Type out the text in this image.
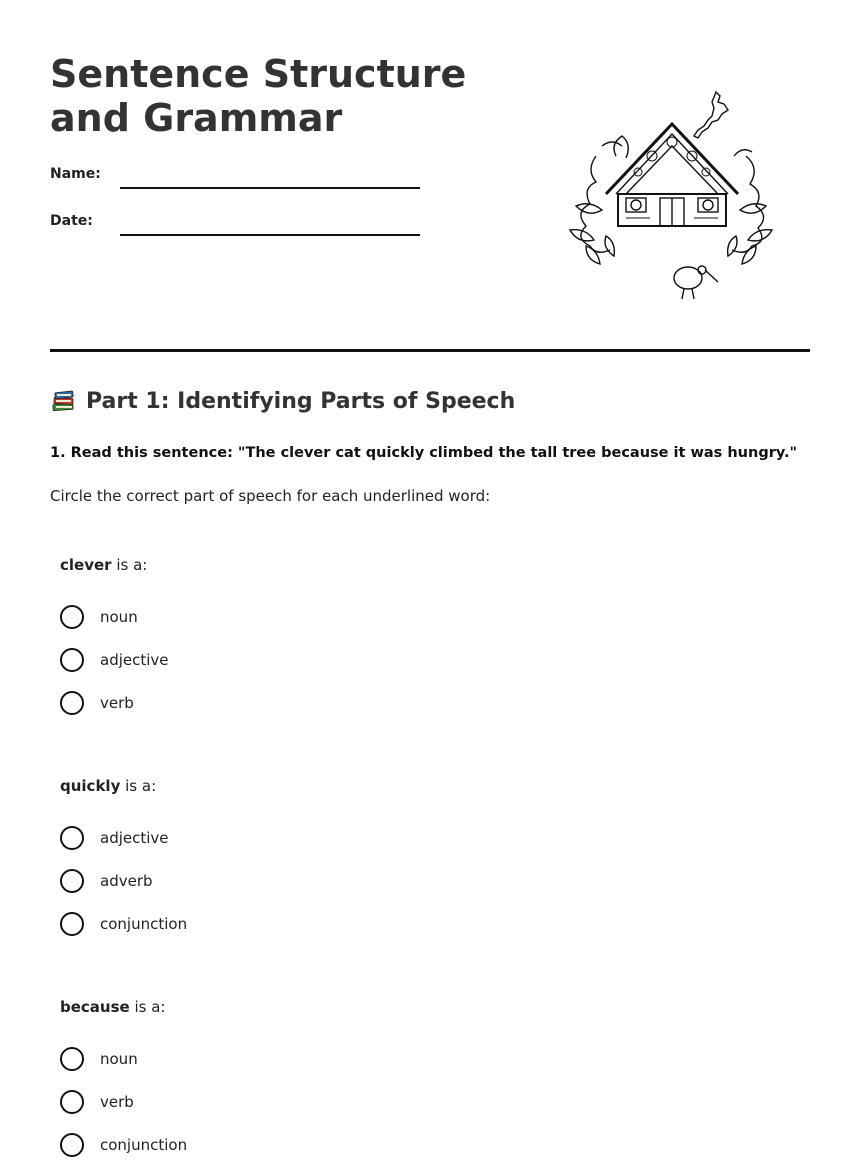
Sentence Structure and Grammar
Name:
Date:
Part 1: Identifying Parts of Speech

1. Read this sentence: "The clever cat quickly climbed the tall tree because it was hungry."

Circle the correct part of speech for each underlined word:

clever is a:

noun
adjective
verb

quickly is a:

adjective
adverb
conjunction

because is a:

noun
verb
conjunction
